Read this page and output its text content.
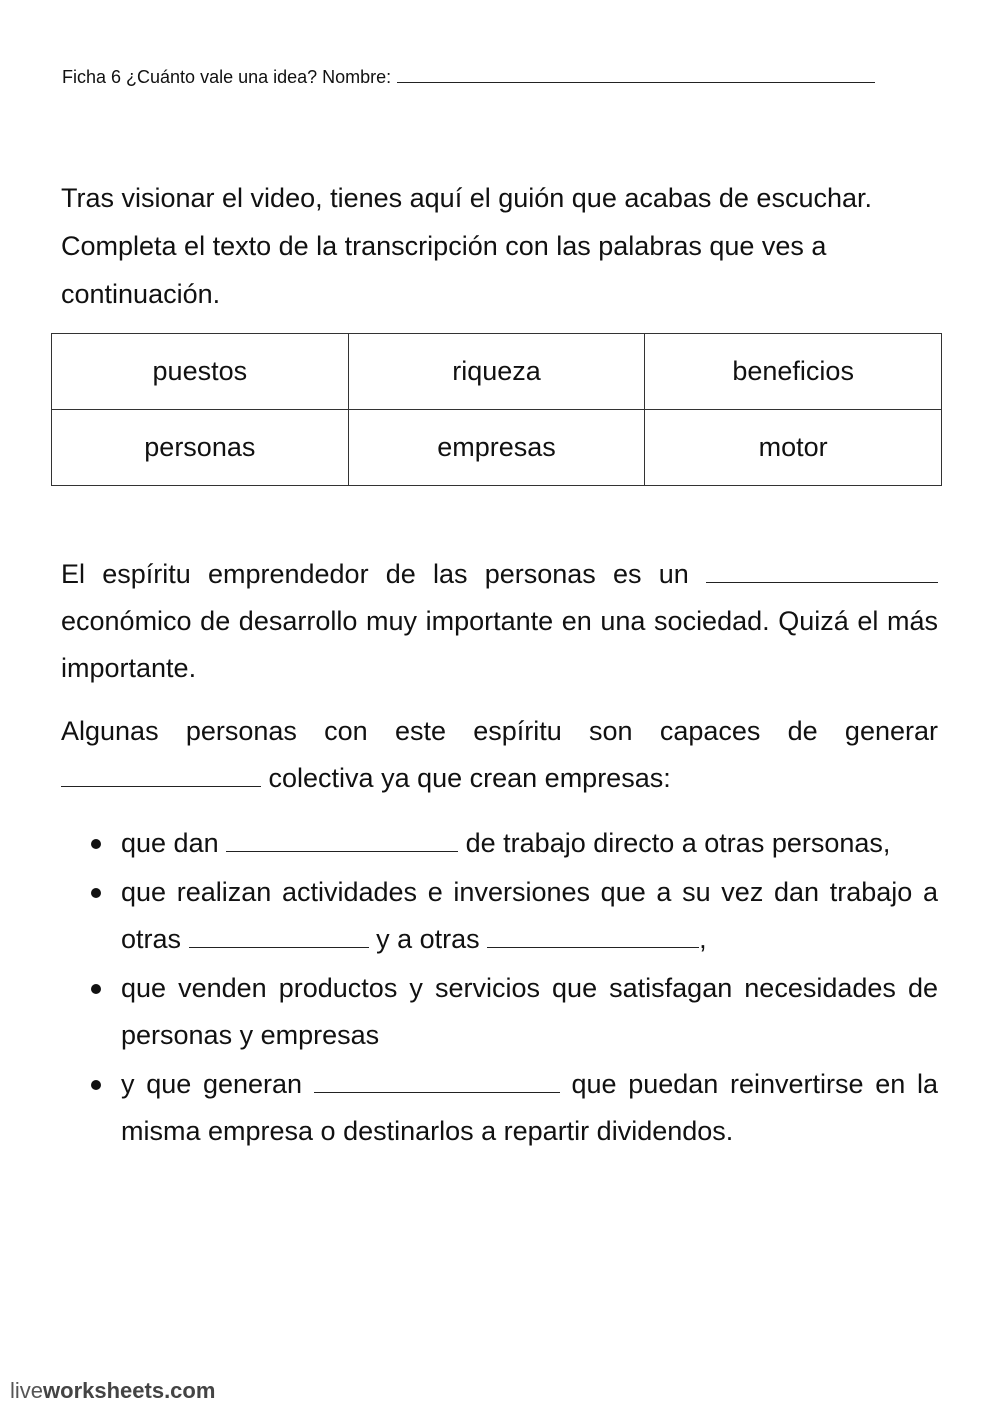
Ficha 6 ¿Cuánto vale una idea? Nombre:
Tras visionar el video, tienes aquí el guión que acabas de escuchar. Completa el texto de la transcripción con las palabras que ves a continuación.
puestos	riqueza	beneficios
personas	empresas	motor
El espíritu emprendedor de las personas es un  económico de desarrollo muy importante en una sociedad. Quizá el más importante.
Algunas personas con este espíritu son capaces de generar  colectiva ya que crean empresas:
que dan	de trabajo directo a otras personas,
que realizan actividades e inversiones que a su vez dan trabajo a otras	y a otras	,
que venden productos y servicios que satisfagan necesidades de personas y empresas
y que generan	que puedan reinvertirse en la misma empresa o destinarlos a repartir dividendos.
liveworksheets.com
